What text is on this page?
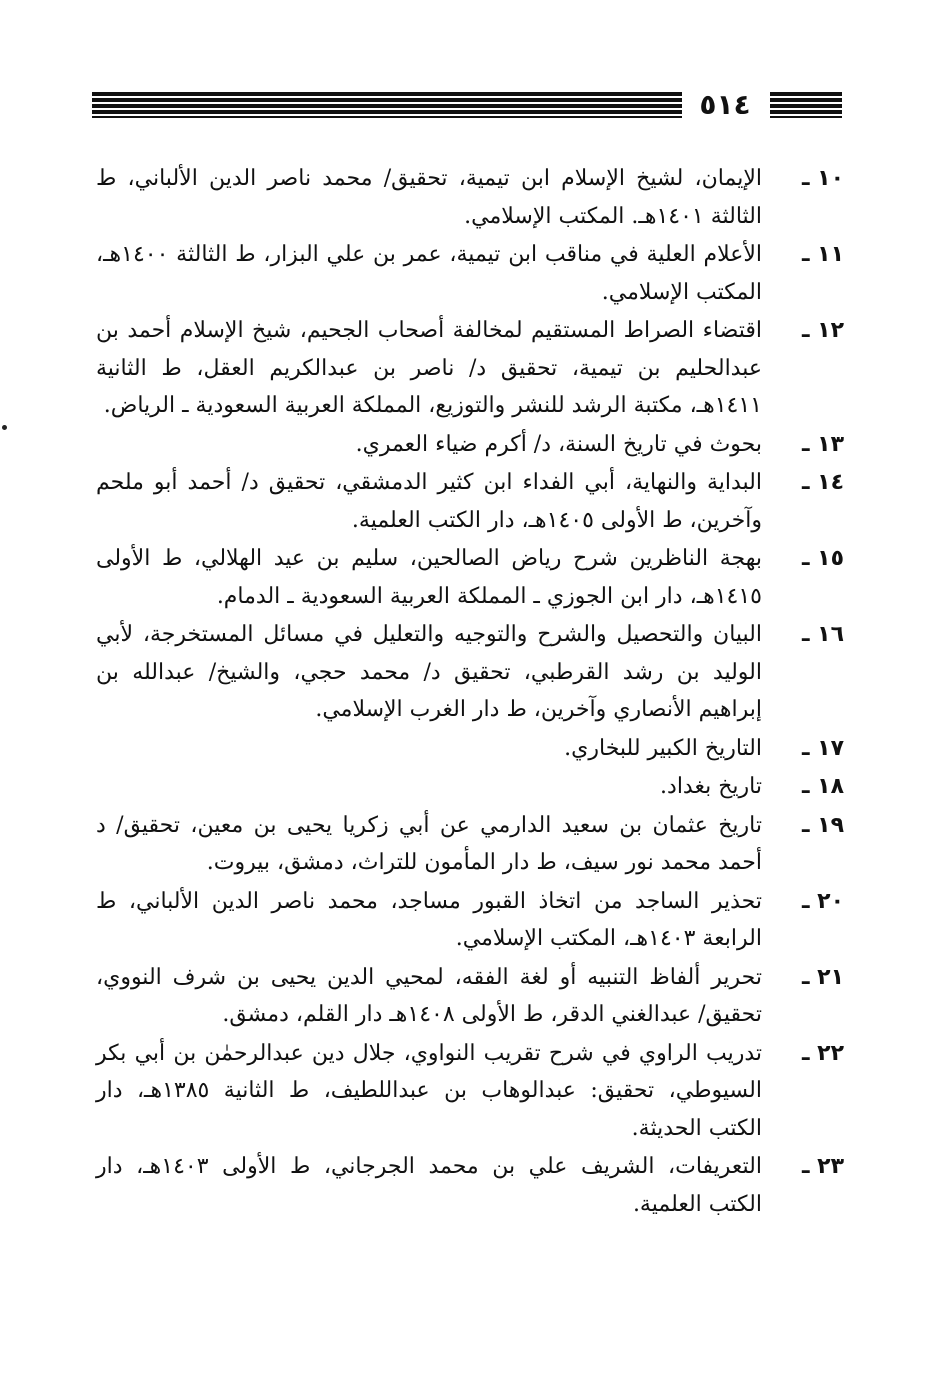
٥١٤
١٠ ـ
الإيمان، لشيخ الإسلام ابن تيمية، تحقيق/ محمد ناصر الدين الألباني، ط الثالثة ١٤٠١هـ. المكتب الإسلامي.
١١ ـ
الأعلام العلية في مناقب ابن تيمية، عمر بن علي البزار، ط الثالثة ١٤٠٠هـ، المكتب الإسلامي.
١٢ ـ
اقتضاء الصراط المستقيم لمخالفة أصحاب الجحيم، شيخ الإسلام أحمد بن عبدالحليم بن تيمية، تحقيق د/ ناصر بن عبدالكريم العقل، ط الثانية ١٤١١هـ، مكتبة الرشد للنشر والتوزيع، المملكة العربية السعودية ـ الرياض.
١٣ ـ
بحوث في تاريخ السنة، د/ أكرم ضياء العمري.
١٤ ـ
البداية والنهاية، أبي الفداء ابن كثير الدمشقي، تحقيق د/ أحمد أبو ملحم وآخرين، ط الأولى ١٤٠٥هـ، دار الكتب العلمية.
١٥ ـ
بهجة الناظرين شرح رياض الصالحين، سليم بن عيد الهلالي، ط الأولى ١٤١٥هـ، دار ابن الجوزي ـ المملكة العربية السعودية ـ الدمام.
١٦ ـ
البيان والتحصيل والشرح والتوجيه والتعليل في مسائل المستخرجة، لأبي الوليد بن رشد القرطبي، تحقيق د/ محمد حجي، والشيخ/ عبدالله بن إبراهيم الأنصاري وآخرين، ط دار الغرب الإسلامي.
١٧ ـ
التاريخ الكبير للبخاري.
١٨ ـ
تاريخ بغداد.
١٩ ـ
تاريخ عثمان بن سعيد الدارمي عن أبي زكريا يحيى بن معين، تحقيق/ د أحمد محمد نور سيف، ط دار المأمون للتراث، دمشق، بيروت.
٢٠ ـ
تحذير الساجد من اتخاذ القبور مساجد، محمد ناصر الدين الألباني، ط الرابعة ١٤٠٣هـ، المكتب الإسلامي.
٢١ ـ
تحرير ألفاظ التنبيه أو لغة الفقه، لمحيي الدين يحيى بن شرف النووي، تحقيق/ عبدالغني الدقر، ط الأولى ١٤٠٨هـ دار القلم، دمشق.
٢٢ ـ
تدريب الراوي في شرح تقريب النواوي، جلال دين عبدالرحمٰن بن أبي بكر السيوطي، تحقيق: عبدالوهاب بن عبداللطيف، ط الثانية ١٣٨٥هـ، دار الكتب الحديثة.
٢٣ ـ
التعريفات، الشريف علي بن محمد الجرجاني، ط الأولى ١٤٠٣هـ، دار الكتب العلمية.
